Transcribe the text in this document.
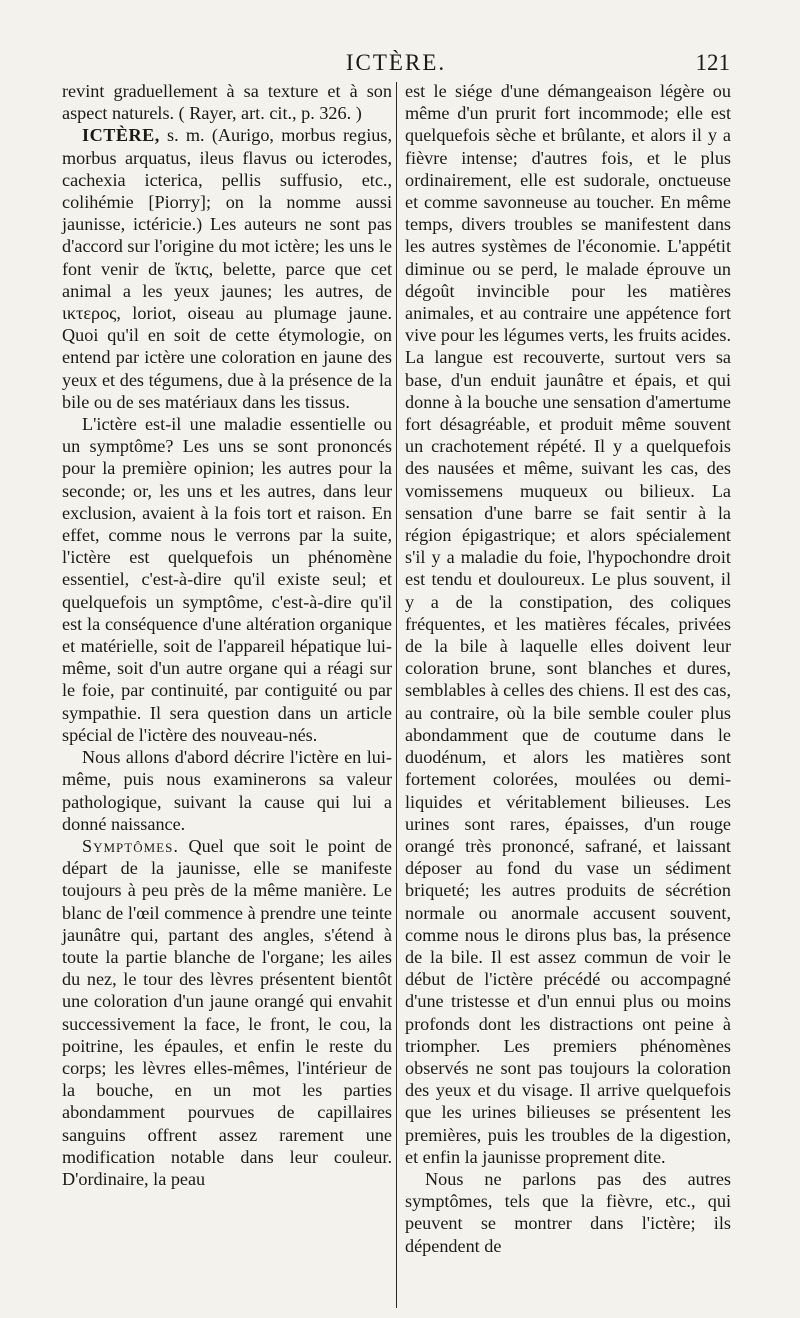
ICTÈRE.	121

revint graduellement à sa texture et à son aspect naturels. ( Rayer, art. cit., p. 326. )

ICTÈRE, s. m. (Aurigo, morbus regius, morbus arquatus, ileus flavus ou icterodes, cachexia icterica, pellis suffusio, etc., colihémie [Piorry]; on la nomme aussi jaunisse, ictéricie.) Les auteurs ne sont pas d'accord sur l'origine du mot ictère; les uns le font venir de ἴκτις, belette, parce que cet animal a les yeux jaunes; les autres, de ικτερος, loriot, oiseau au plumage jaune. Quoi qu'il en soit de cette étymologie, on entend par ictère une coloration en jaune des yeux et des tégumens, due à la présence de la bile ou de ses matériaux dans les tissus.

L'ictère est-il une maladie essentielle ou un symptôme? Les uns se sont prononcés pour la première opinion; les autres pour la seconde; or, les uns et les autres, dans leur exclusion, avaient à la fois tort et raison. En effet, comme nous le verrons par la suite, l'ictère est quelquefois un phénomène essentiel, c'est-à-dire qu'il existe seul; et quelquefois un symptôme, c'est-à-dire qu'il est la conséquence d'une altération organique et matérielle, soit de l'appareil hépatique lui-même, soit d'un autre organe qui a réagi sur le foie, par continuité, par contiguité ou par sympathie. Il sera question dans un article spécial de l'ictère des nouveau-nés.

Nous allons d'abord décrire l'ictère en lui-même, puis nous examinerons sa valeur pathologique, suivant la cause qui lui a donné naissance.

Symptômes. Quel que soit le point de départ de la jaunisse, elle se manifeste toujours à peu près de la même manière. Le blanc de l'œil commence à prendre une teinte jaunâtre qui, partant des angles, s'étend à toute la partie blanche de l'organe; les ailes du nez, le tour des lèvres présentent bientôt une coloration d'un jaune orangé qui envahit successivement la face, le front, le cou, la poitrine, les épaules, et enfin le reste du corps; les lèvres elles-mêmes, l'intérieur de la bouche, en un mot les parties abondamment pourvues de capillaires sanguins offrent assez rarement une modification notable dans leur couleur. D'ordinaire, la peau

est le siége d'une démangeaison légère ou même d'un prurit fort incommode; elle est quelquefois sèche et brûlante, et alors il y a fièvre intense; d'autres fois, et le plus ordinairement, elle est sudorale, onctueuse et comme savonneuse au toucher. En même temps, divers troubles se manifestent dans les autres systèmes de l'économie. L'appétit diminue ou se perd, le malade éprouve un dégoût invincible pour les matières animales, et au contraire une appétence fort vive pour les légumes verts, les fruits acides. La langue est recouverte, surtout vers sa base, d'un enduit jaunâtre et épais, et qui donne à la bouche une sensation d'amertume fort désagréable, et produit même souvent un crachotement répété. Il y a quelquefois des nausées et même, suivant les cas, des vomissemens muqueux ou bilieux. La sensation d'une barre se fait sentir à la région épigastrique; et alors spécialement s'il y a maladie du foie, l'hypochondre droit est tendu et douloureux. Le plus souvent, il y a de la constipation, des coliques fréquentes, et les matières fécales, privées de la bile à laquelle elles doivent leur coloration brune, sont blanches et dures, semblables à celles des chiens. Il est des cas, au contraire, où la bile semble couler plus abondamment que de coutume dans le duodénum, et alors les matières sont fortement colorées, moulées ou demi-liquides et véritablement bilieuses. Les urines sont rares, épaisses, d'un rouge orangé très prononcé, safrané, et laissant déposer au fond du vase un sédiment briqueté; les autres produits de sécrétion normale ou anormale accusent souvent, comme nous le dirons plus bas, la présence de la bile. Il est assez commun de voir le début de l'ictère précédé ou accompagné d'une tristesse et d'un ennui plus ou moins profonds dont les distractions ont peine à triompher. Les premiers phénomènes observés ne sont pas toujours la coloration des yeux et du visage. Il arrive quelquefois que les urines bilieuses se présentent les premières, puis les troubles de la digestion, et enfin la jaunisse proprement dite.

Nous ne parlons pas des autres symptômes, tels que la fièvre, etc., qui peuvent se montrer dans l'ictère; ils dépendent de
